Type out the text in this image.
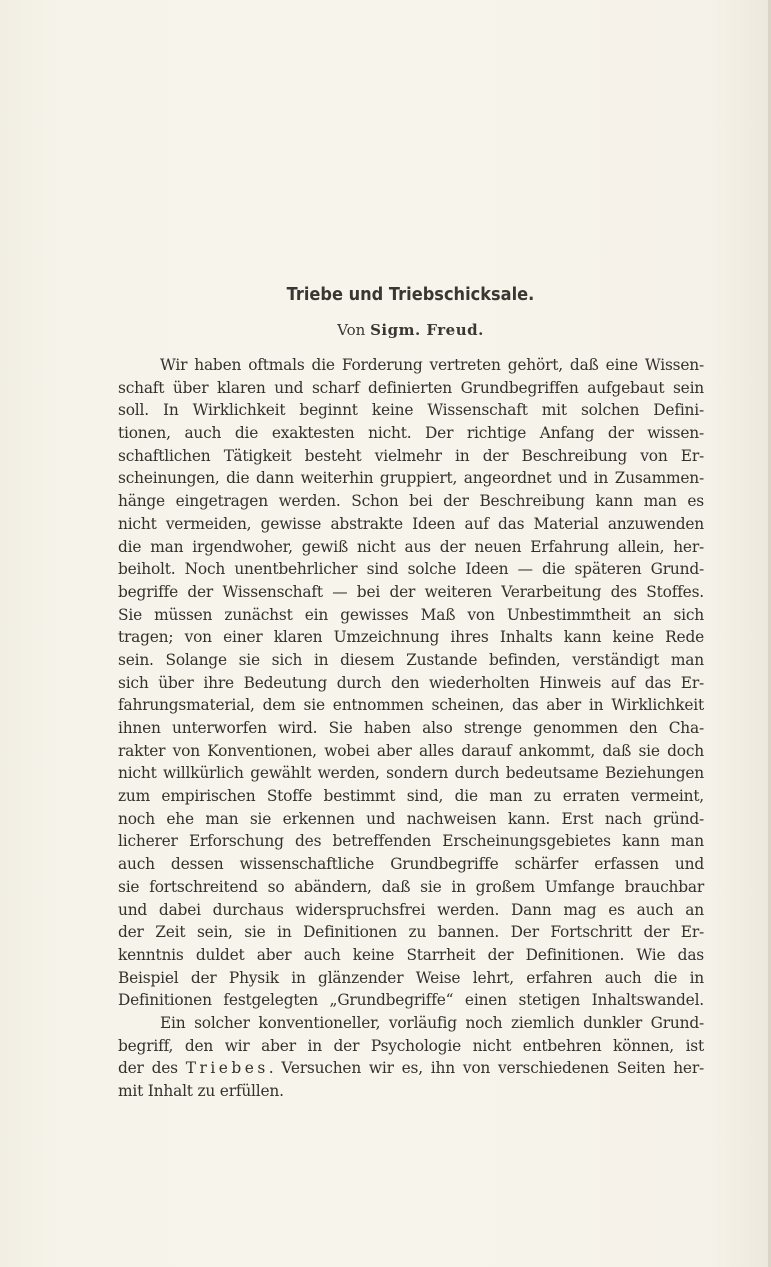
Triebe und Triebschicksale.

Von Sigm. Freud.

Wir haben oftmals die Forderung vertreten gehört, daß eine Wissen-
schaft über klaren und scharf definierten Grundbegriffen aufgebaut sein
soll. In Wirklichkeit beginnt keine Wissenschaft mit solchen Defini-
tionen, auch die exaktesten nicht. Der richtige Anfang der wissen-
schaftlichen Tätigkeit besteht vielmehr in der Beschreibung von Er-
scheinungen, die dann weiterhin gruppiert, angeordnet und in Zusammen-
hänge eingetragen werden. Schon bei der Beschreibung kann man es
nicht vermeiden, gewisse abstrakte Ideen auf das Material anzuwenden
die man irgendwoher, gewiß nicht aus der neuen Erfahrung allein, her-
beiholt. Noch unentbehrlicher sind solche Ideen — die späteren Grund-
begriffe der Wissenschaft — bei der weiteren Verarbeitung des Stoffes.
Sie müssen zunächst ein gewisses Maß von Unbestimmtheit an sich
tragen; von einer klaren Umzeichnung ihres Inhalts kann keine Rede
sein. Solange sie sich in diesem Zustande befinden, verständigt man
sich über ihre Bedeutung durch den wiederholten Hinweis auf das Er-
fahrungsmaterial, dem sie entnommen scheinen, das aber in Wirklichkeit
ihnen unterworfen wird. Sie haben also strenge genommen den Cha-
rakter von Konventionen, wobei aber alles darauf ankommt, daß sie doch
nicht willkürlich gewählt werden, sondern durch bedeutsame Beziehungen
zum empirischen Stoffe bestimmt sind, die man zu erraten vermeint,
noch ehe man sie erkennen und nachweisen kann. Erst nach gründ-
licherer Erforschung des betreffenden Erscheinungsgebietes kann man
auch dessen wissenschaftliche Grundbegriffe schärfer erfassen und
sie fortschreitend so abändern, daß sie in großem Umfange brauchbar
und dabei durchaus widerspruchsfrei werden. Dann mag es auch an
der Zeit sein, sie in Definitionen zu bannen. Der Fortschritt der Er-
kenntnis duldet aber auch keine Starrheit der Definitionen. Wie das
Beispiel der Physik in glänzender Weise lehrt, erfahren auch die in
Definitionen festgelegten „Grundbegriffe“ einen stetigen Inhaltswandel.
Ein solcher konventioneller, vorläufig noch ziemlich dunkler Grund-
begriff, den wir aber in der Psychologie nicht entbehren können, ist
der des Triebes. Versuchen wir es, ihn von verschiedenen Seiten her-
mit Inhalt zu erfüllen.
